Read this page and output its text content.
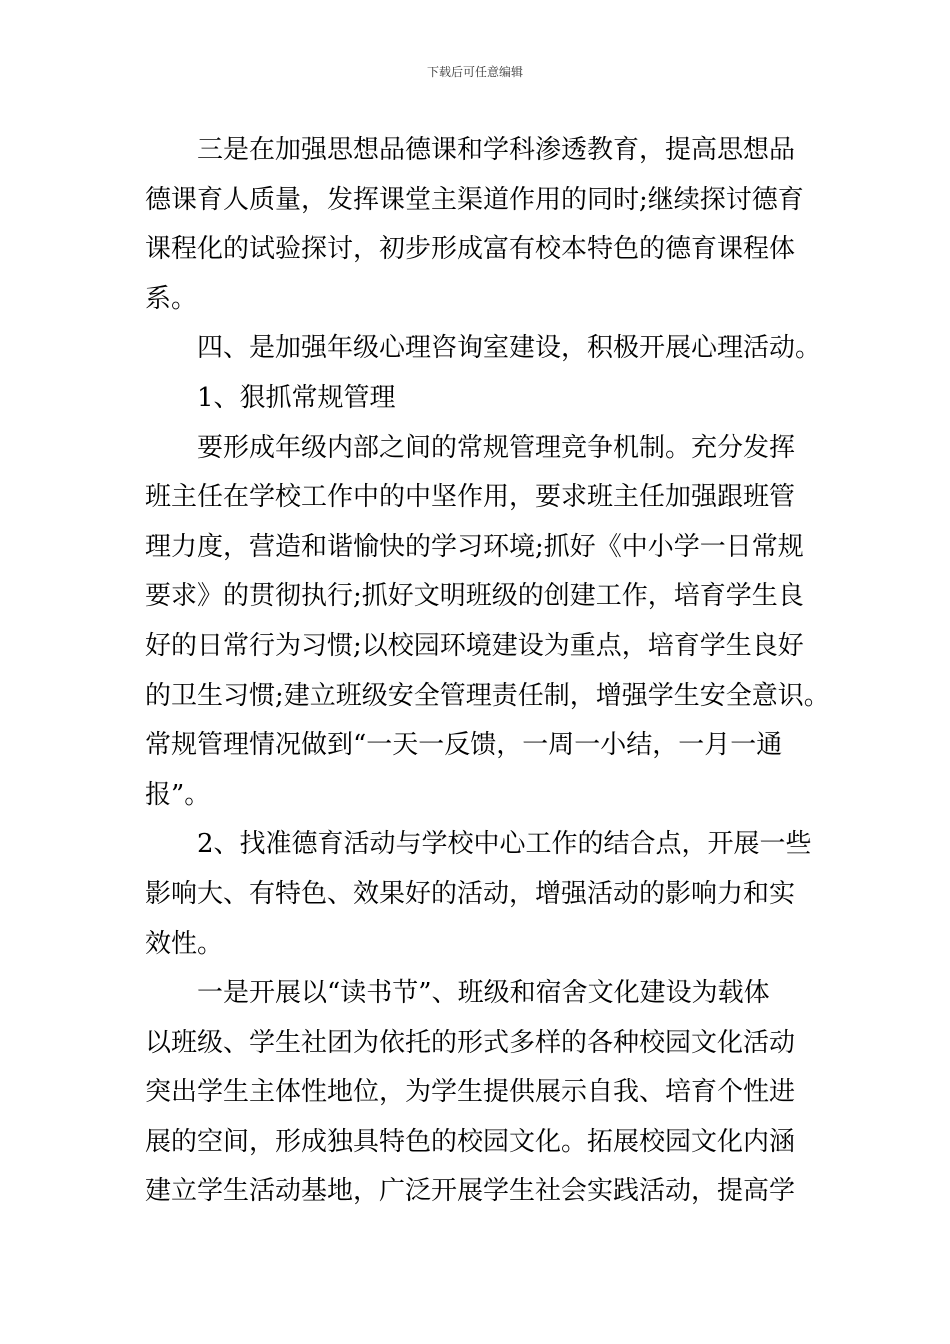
下载后可任意编辑
三是在加强思想品德课和学科渗透教育，提高思想品
德课育人质量，发挥课堂主渠道作用的同时;继续探讨德育
课程化的试验探讨，初步形成富有校本特色的德育课程体
系。
四、是加强年级心理咨询室建设，积极开展心理活动。
1、狠抓常规管理
要形成年级内部之间的常规管理竞争机制。充分发挥
班主任在学校工作中的中坚作用，要求班主任加强跟班管
理力度，营造和谐愉快的学习环境;抓好《中小学一日常规
要求》的贯彻执行;抓好文明班级的创建工作，培育学生良
好的日常行为习惯;以校园环境建设为重点，培育学生良好
的卫生习惯;建立班级安全管理责任制，增强学生安全意识。
常规管理情况做到“一天一反馈，一周一小结，一月一通
报”。
2、找准德育活动与学校中心工作的结合点，开展一些
影响大、有特色、效果好的活动，增强活动的影响力和实
效性。
一是开展以“读书节”、班级和宿舍文化建设为载体
以班级、学生社团为依托的形式多样的各种校园文化活动
突出学生主体性地位，为学生提供展示自我、培育个性进
展的空间，形成独具特色的校园文化。拓展校园文化内涵
建立学生活动基地，广泛开展学生社会实践活动，提高学
